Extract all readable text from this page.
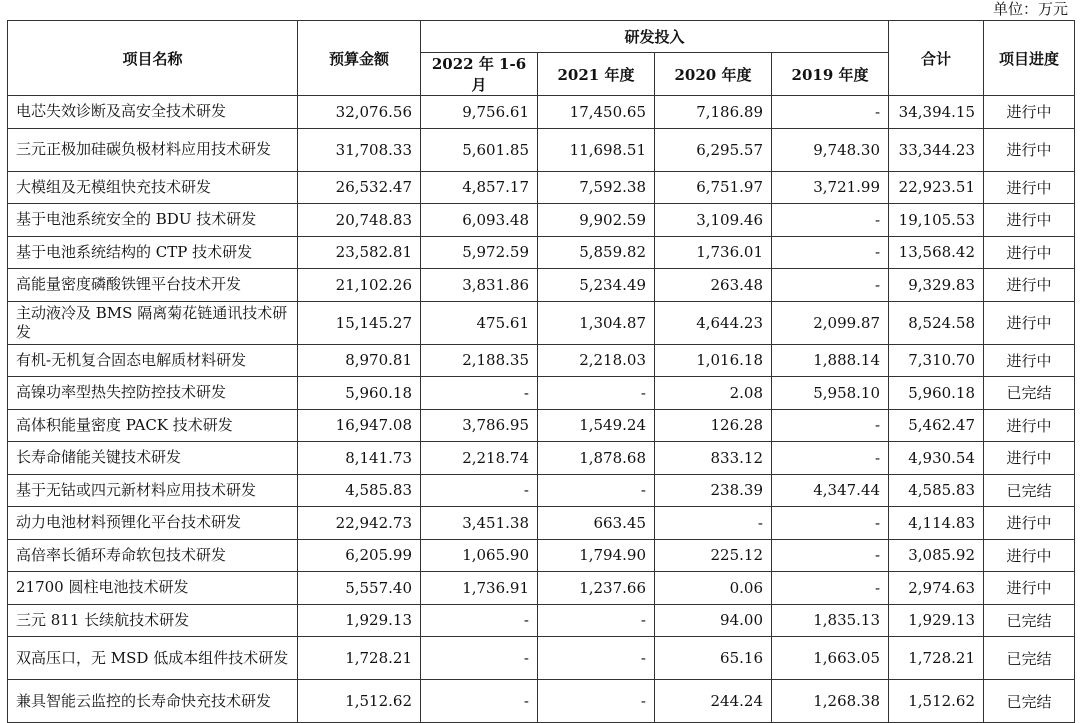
单位：万元
项目名称	预算金额	研发投入				合计	项目进度
		2022 年 1-6 月	2021 年度	2020 年度	2019 年度		
电芯失效诊断及高安全技术研发	32,076.56	9,756.61	17,450.65	7,186.89	-	34,394.15	进行中
三元正极加硅碳负极材料应用技术研发	31,708.33	5,601.85	11,698.51	6,295.57	9,748.30	33,344.23	进行中
大模组及无模组快充技术研发	26,532.47	4,857.17	7,592.38	6,751.97	3,721.99	22,923.51	进行中
基于电池系统安全的 BDU 技术研发	20,748.83	6,093.48	9,902.59	3,109.46	-	19,105.53	进行中
基于电池系统结构的 CTP 技术研发	23,582.81	5,972.59	5,859.82	1,736.01	-	13,568.42	进行中
高能量密度磷酸铁锂平台技术开发	21,102.26	3,831.86	5,234.49	263.48	-	9,329.83	进行中
主动液冷及 BMS 隔离菊花链通讯技术研发	15,145.27	475.61	1,304.87	4,644.23	2,099.87	8,524.58	进行中
有机-无机复合固态电解质材料研发	8,970.81	2,188.35	2,218.03	1,016.18	1,888.14	7,310.70	进行中
高镍功率型热失控防控技术研发	5,960.18	-	-	2.08	5,958.10	5,960.18	已完结
高体积能量密度 PACK 技术研发	16,947.08	3,786.95	1,549.24	126.28	-	5,462.47	进行中
长寿命储能关键技术研发	8,141.73	2,218.74	1,878.68	833.12	-	4,930.54	进行中
基于无钴或四元新材料应用技术研发	4,585.83	-	-	238.39	4,347.44	4,585.83	已完结
动力电池材料预锂化平台技术研发	22,942.73	3,451.38	663.45	-	-	4,114.83	进行中
高倍率长循环寿命软包技术研发	6,205.99	1,065.90	1,794.90	225.12	-	3,085.92	进行中
21700 圆柱电池技术研发	5,557.40	1,736.91	1,237.66	0.06	-	2,974.63	进行中
三元 811 长续航技术研发	1,929.13	-	-	94.00	1,835.13	1,929.13	已完结
双高压口，无 MSD 低成本组件技术研发	1,728.21	-	-	65.16	1,663.05	1,728.21	已完结
兼具智能云监控的长寿命快充技术研发	1,512.62	-	-	244.24	1,268.38	1,512.62	已完结
